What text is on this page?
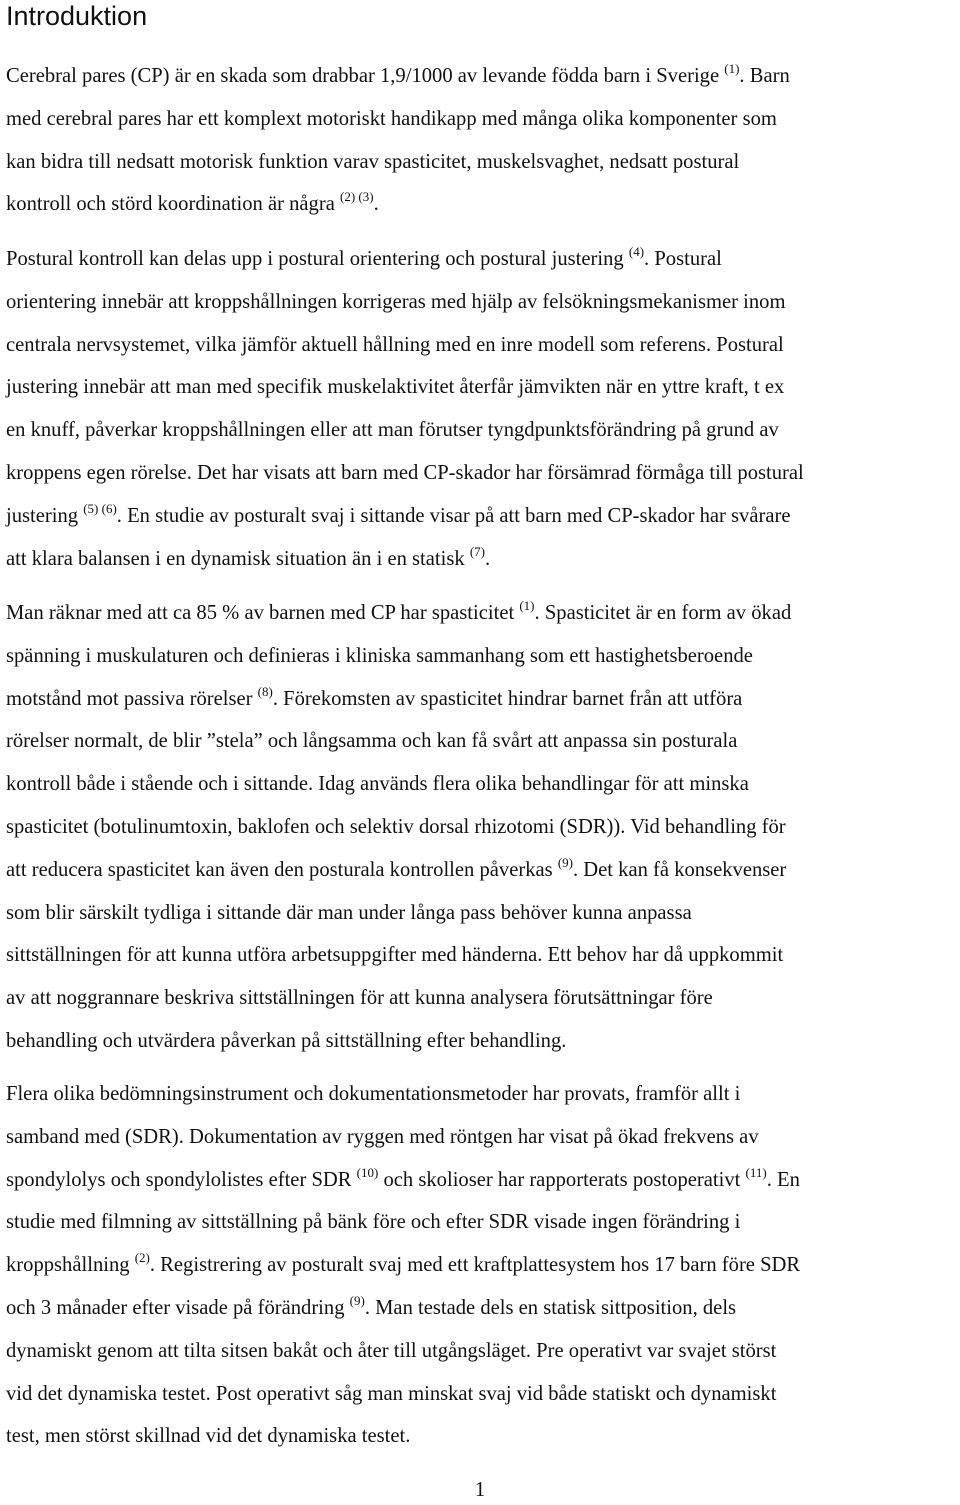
Introduktion

Cerebral pares (CP) är en skada som drabbar 1,9/1000 av levande födda barn i Sverige $^{(1)}$. Barn
med cerebral pares har ett komplext motoriskt handikapp med många olika komponenter som
kan bidra till nedsatt motorisk funktion varav spasticitet, muskelsvaghet, nedsatt postural
kontroll och störd koordination är några $^{(2) (3)}$.

Postural kontroll kan delas upp i postural orientering och postural justering $^{(4)}$. Postural
orientering innebär att kroppshållningen korrigeras med hjälp av felsökningsmekanismer inom
centrala nervsystemet, vilka jämför aktuell hållning med en inre modell som referens. Postural
justering innebär att man med specifik muskelaktivitet återfår jämvikten när en yttre kraft, t ex
en knuff, påverkar kroppshållningen eller att man förutser tyngdpunktsförändring på grund av
kroppens egen rörelse. Det har visats att barn med CP-skador har försämrad förmåga till postural
justering $^{(5) (6)}$. En studie av posturalt svaj i sittande visar på att barn med CP-skador har svårare
att klara balansen i en dynamisk situation än i en statisk $^{(7)}$.

Man räknar med att ca 85 % av barnen med CP har spasticitet $^{(1)}$. Spasticitet är en form av ökad
spänning i muskulaturen och definieras i kliniska sammanhang som ett hastighetsberoende
motstånd mot passiva rörelser $^{(8)}$. Förekomsten av spasticitet hindrar barnet från att utföra
rörelser normalt, de blir ”stela” och långsamma och kan få svårt att anpassa sin posturala
kontroll både i stående och i sittande. Idag används flera olika behandlingar för att minska
spasticitet (botulinumtoxin, baklofen och selektiv dorsal rhizotomi (SDR)). Vid behandling för
att reducera spasticitet kan även den posturala kontrollen påverkas $^{(9)}$. Det kan få konsekvenser
som blir särskilt tydliga i sittande där man under långa pass behöver kunna anpassa
sittställningen för att kunna utföra arbetsuppgifter med händerna. Ett behov har då uppkommit
av att noggrannare beskriva sittställningen för att kunna analysera förutsättningar före
behandling och utvärdera påverkan på sittställning efter behandling.

Flera olika bedömningsinstrument och dokumentationsmetoder har provats, framför allt i
samband med (SDR). Dokumentation av ryggen med röntgen har visat på ökad frekvens av
spondylolys och spondylolistes efter SDR $^{(10)}$ och skolioser har rapporterats postoperativt $^{(11)}$. En
studie med filmning av sittställning på bänk före och efter SDR visade ingen förändring i
kroppshållning $^{(2)}$. Registrering av posturalt svaj med ett kraftplattesystem hos 17 barn före SDR
och 3 månader efter visade på förändring $^{(9)}$. Man testade dels en statisk sittposition, dels
dynamiskt genom att tilta sitsen bakåt och åter till utgångsläget. Pre operativt var svajet störst
vid det dynamiska testet. Post operativt såg man minskat svaj vid både statiskt och dynamiskt
test, men störst skillnad vid det dynamiska testet.

1
